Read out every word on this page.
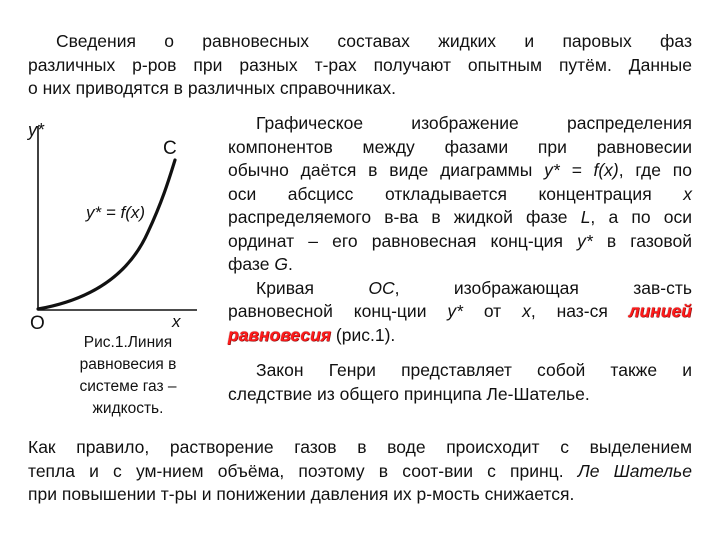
Сведения о равновесных составах жидких и паровых фаз
различных р-ров при разных т-рах получают опытным путём. Данные
о них приводятся в различных справочниках.
y*
C
y* = f(x)
O	x
Рис.1.Линия
равновесия в
системе газ –
жидкость.
Графическое изображение распределения
компонентов между фазами при равновесии
обычно даётся в виде диаграммы y* = f(x), где по
оси абсцисс откладывается концентрация x
распределяемого в-ва в жидкой фазе L, а по оси
ординат – его равновесная конц-ция y* в газовой
фазе G.
Кривая	OC, изображающая зав-сть
равновесной конц-ции y* от x, наз-ся линией
равновесия (рис.1).
Закон Генри представляет собой также и
следствие из общего принципа Ле-Шателье.
Как правило, растворение газов в воде происходит с выделением
тепла и с ум-нием объёма, поэтому в соот-вии с принц. Ле Шателье
при повышении т-ры и понижении давления их р-мость снижается.
